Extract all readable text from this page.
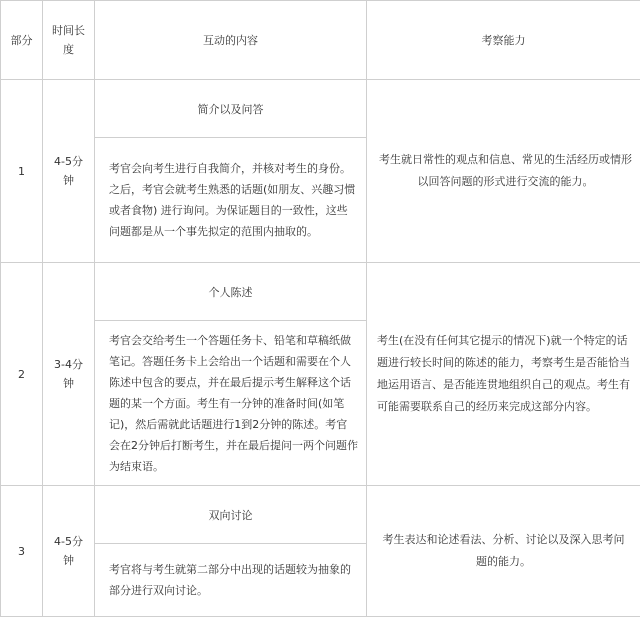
部分	时间长度	互动的内容	考察能力
1	4-5分钟	简介以及问答	考生就日常性的观点和信息、常见的生活经历或情形以回答问题的形式进行交流的能力。
		考官会向考生进行自我简介，并核对考生的身份。之后，考官会就考生熟悉的话题(如朋友、兴趣习惯或者食物) 进行询问。为保证题目的一致性，这些问题都是从一个事先拟定的范围内抽取的。	
2	3-4分钟	个人陈述	考生(在没有任何其它提示的情况下)就一个特定的话题进行较长时间的陈述的能力，考察考生是否能恰当地运用语言、是否能连贯地组织自己的观点。考生有可能需要联系自己的经历来完成这部分内容。
		考官会交给考生一个答题任务卡、铅笔和草稿纸做笔记。答题任务卡上会给出一个话题和需要在个人陈述中包含的要点，并在最后提示考生解释这个话题的某一个方面。考生有一分钟的准备时间(如笔记)，然后需就此话题进行1到2分钟的陈述。考官会在2分钟后打断考生，并在最后提问一两个问题作为结束语。	
3	4-5分钟	双向讨论	考生表达和论述看法、分析、讨论以及深入思考问题的能力。
		考官将与考生就第二部分中出现的话题较为抽象的部分进行双向讨论。	
